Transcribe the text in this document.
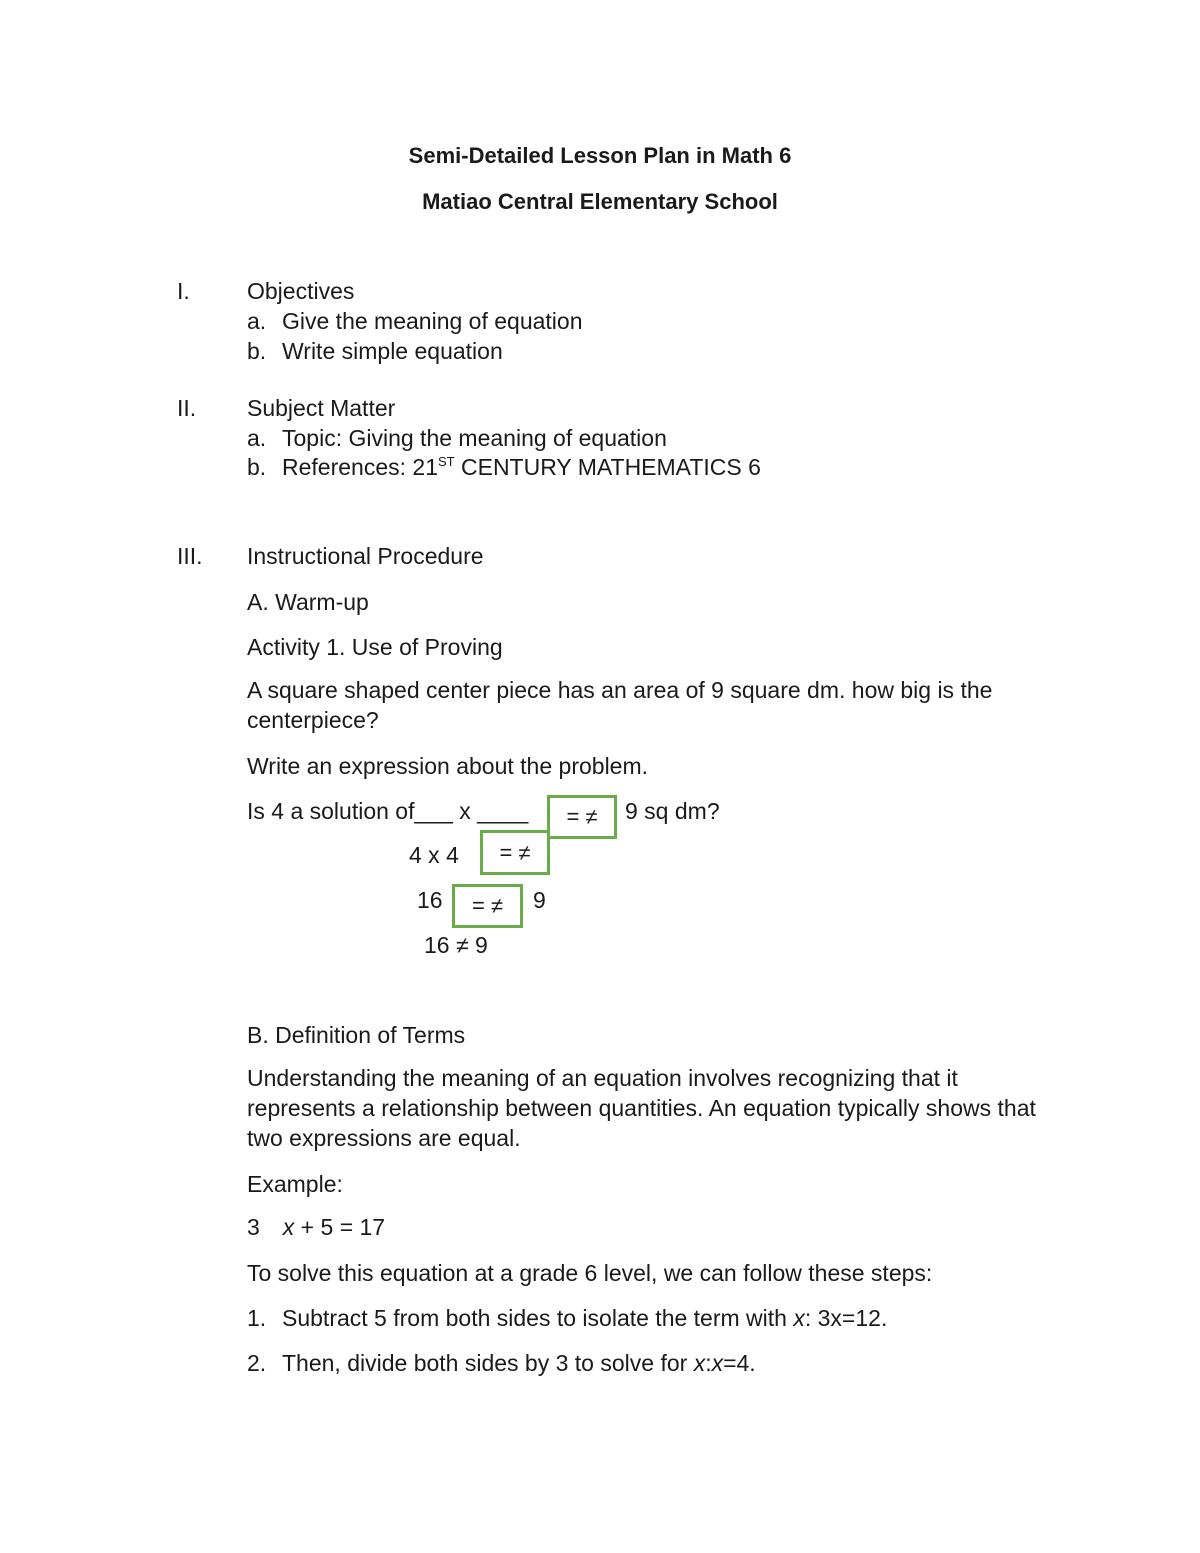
Semi-Detailed Lesson Plan in Math 6
Matiao Central Elementary School
I. Objectives
a. Give the meaning of equation
b. Write simple equation
II. Subject Matter
a. Topic: Giving the meaning of equation
b. References: 21ST CENTURY MATHEMATICS 6
III. Instructional Procedure
A. Warm-up
Activity 1. Use of Proving
A square shaped center piece has an area of 9 square dm. how big is the centerpiece?
Write an expression about the problem.
Is 4 a solution of___ x ____	= ≠	9 sq dm?
4 x 4	= ≠
16	= ≠	9
16 ≠ 9
B. Definition of Terms
Understanding the meaning of an equation involves recognizing that it represents a relationship between quantities. An equation typically shows that two expressions are equal.
Example:
3 x + 5 = 17
To solve this equation at a grade 6 level, we can follow these steps:
1. Subtract 5 from both sides to isolate the term with x: 3x=12.
2. Then, divide both sides by 3 to solve for x:x=4.
